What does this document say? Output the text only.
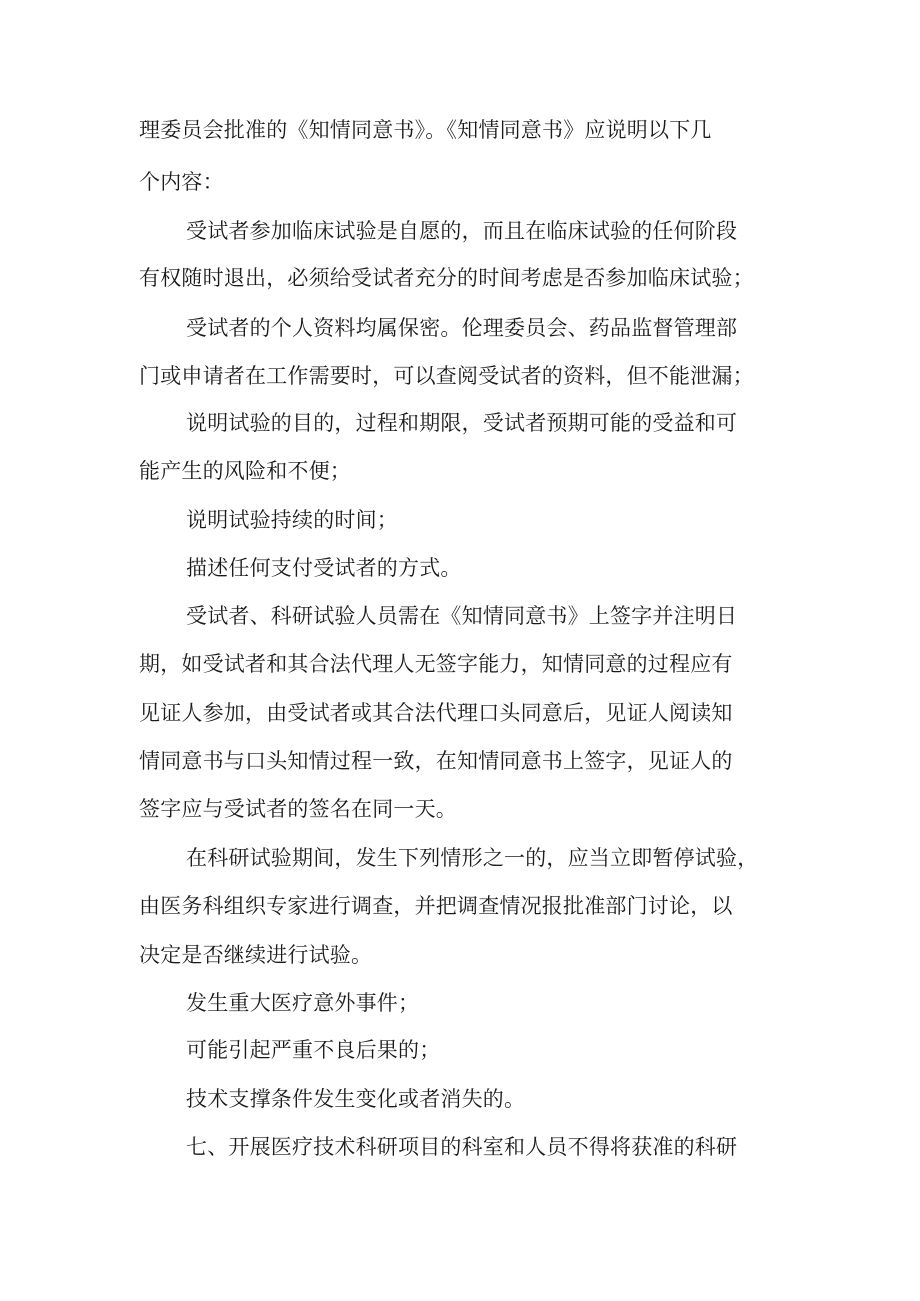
理委员会批准的《知情同意书》。《知情同意书》应说明以下几
个内容：
受试者参加临床试验是自愿的，而且在临床试验的任何阶段
有权随时退出，必须给受试者充分的时间考虑是否参加临床试验；
受试者的个人资料均属保密。伦理委员会、药品监督管理部
门或申请者在工作需要时，可以查阅受试者的资料，但不能泄漏；
说明试验的目的，过程和期限，受试者预期可能的受益和可
能产生的风险和不便；
说明试验持续的时间；
描述任何支付受试者的方式。
受试者、科研试验人员需在《知情同意书》上签字并注明日
期，如受试者和其合法代理人无签字能力，知情同意的过程应有
见证人参加，由受试者或其合法代理口头同意后，见证人阅读知
情同意书与口头知情过程一致，在知情同意书上签字，见证人的
签字应与受试者的签名在同一天。
在科研试验期间，发生下列情形之一的，应当立即暂停试验，
由医务科组织专家进行调查，并把调查情况报批准部门讨论，以
决定是否继续进行试验。
发生重大医疗意外事件；
可能引起严重不良后果的；
技术支撑条件发生变化或者消失的。
七、开展医疗技术科研项目的科室和人员不得将获准的科研
